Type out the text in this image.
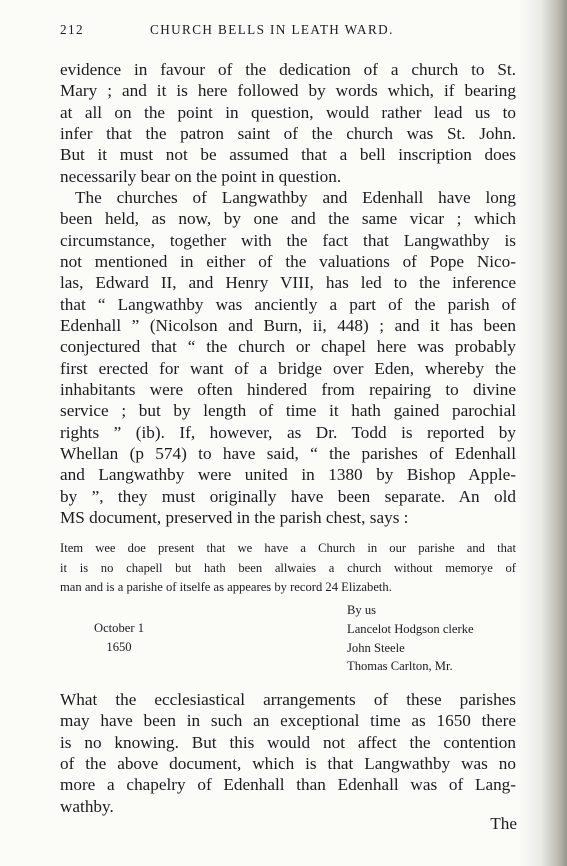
212	CHURCH BELLS IN LEATH WARD.

evidence in favour of the dedication of a church to St.

Mary ; and it is here followed by words which, if bearing

at all on the point in question, would rather lead us to

infer that the patron saint of the church was St. John.

But it must not be assumed that a bell inscription does

necessarily bear on the point in question.

The churches of Langwathby and Edenhall have long

been held, as now, by one and the same vicar ; which

circumstance, together with the fact that Langwathby is

not mentioned in either of the valuations of Pope Nico-

las, Edward II, and Henry VIII, has led to the inference

that “ Langwathby was anciently a part of the parish of

Edenhall ” (Nicolson and Burn, ii, 448) ; and it has been

conjectured that “ the church or chapel here was probably

first erected for want of a bridge over Eden, whereby the

inhabitants were often hindered from repairing to divine

service ; but by length of time it hath gained parochial

rights ” (ib). If, however, as Dr. Todd is reported by

Whellan (p 574) to have said, “ the parishes of Edenhall

and Langwathby were united in 1380 by Bishop Apple-

by ”, they must originally have been separate. An old

MS document, preserved in the parish chest, says :

Item wee doe present that we have a Church in our parishe and that

it is no chapell but hath been allwaies a church without memorye of

man and is a parishe of itselfe as appeares by record 24 Elizabeth.

October 1
1650
By us
Lancelot Hodgson clerke
John Steele
Thomas Carlton, Mr.

What the ecclesiastical arrangements of these parishes

may have been in such an exceptional time as 1650 there

is no knowing. But this would not affect the contention

of the above document, which is that Langwathby was no

more a chapelry of Edenhall than Edenhall was of Lang-

wathby.

The
